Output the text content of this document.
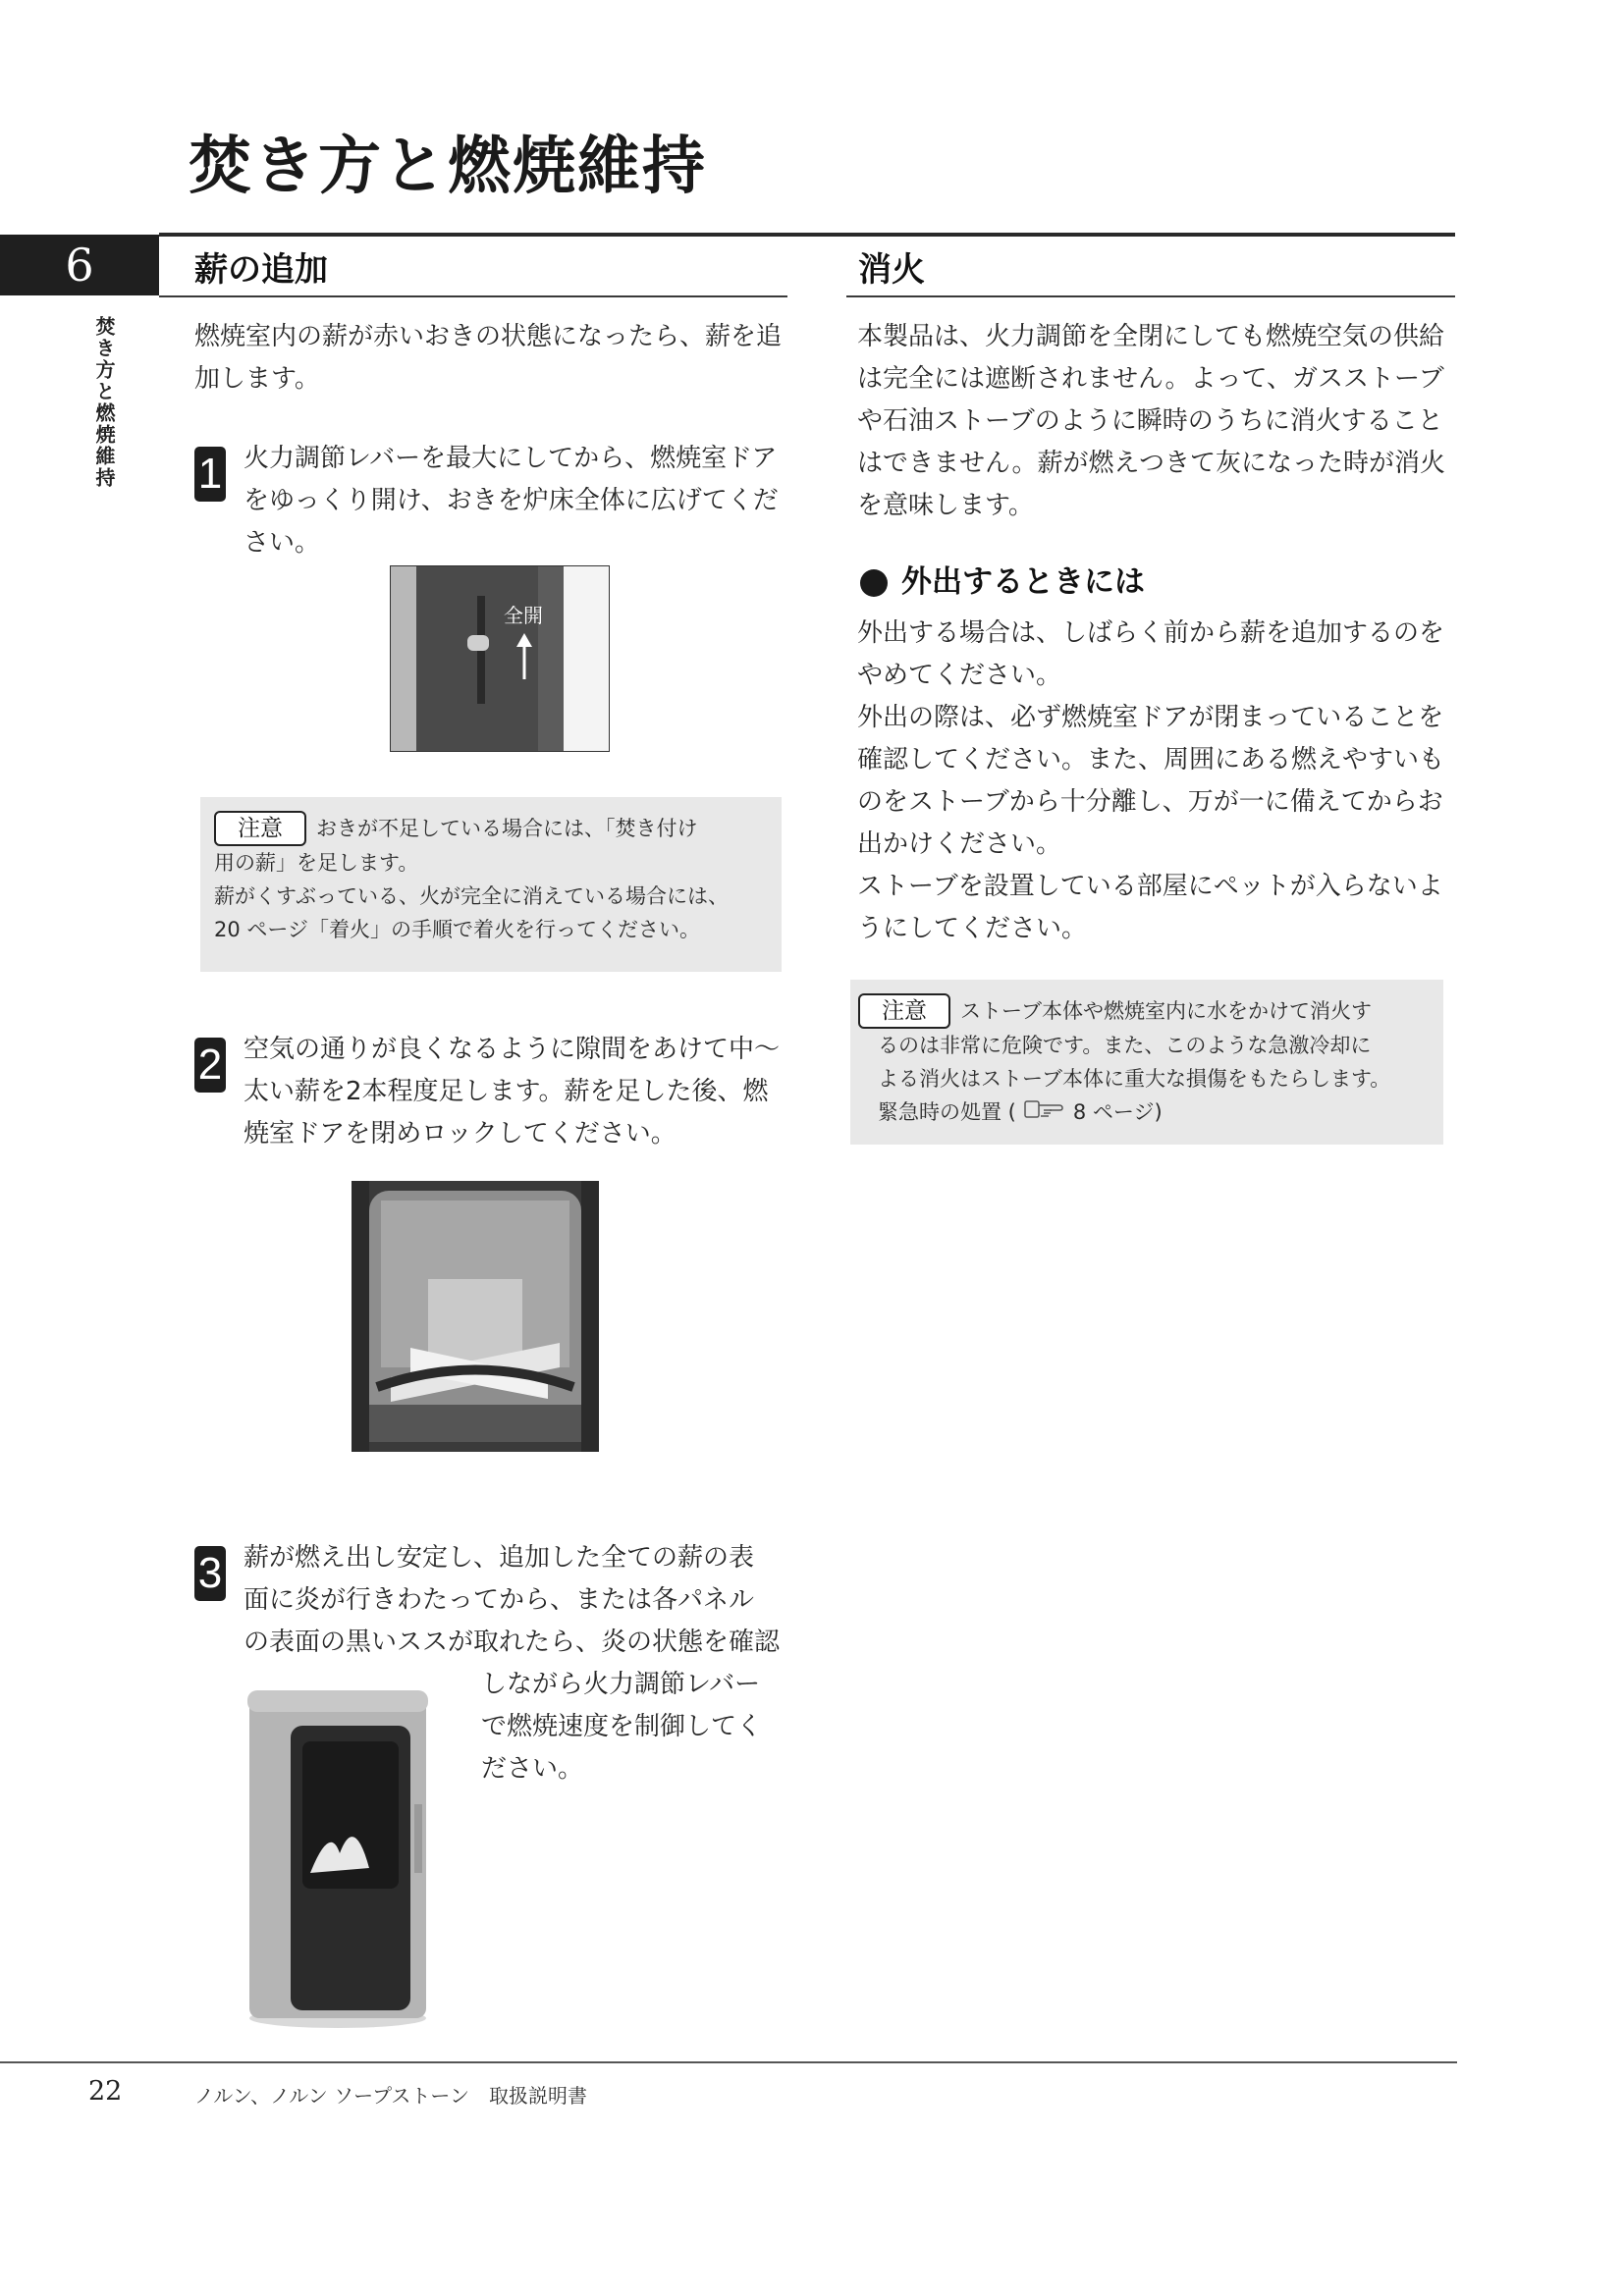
焚き方と燃焼維持
6
焚き方と燃焼維持
薪の追加
燃焼室内の薪が赤いおきの状態になったら、薪を追
加します。
1 火力調節レバーを最大にしてから、燃焼室ドア
をゆっくり開け、おきを炉床全体に広げてくだ
さい。
全開
注意 おきが不足している場合には、「焚き付け
用の薪」を足します。
薪がくすぶっている、火が完全に消えている場合には、
20 ページ「着火」の手順で着火を行ってください。
2 空気の通りが良くなるように隙間をあけて中〜
太い薪を2本程度足します。薪を足した後、燃
焼室ドアを閉めロックしてください。
3 薪が燃え出し安定し、追加した全ての薪の表
面に炎が行きわたってから、または各パネル
の表面の黒いススが取れたら、炎の状態を確認
しながら火力調節レバー
で燃焼速度を制御してく
ださい。
消火
本製品は、火力調節を全閉にしても燃焼空気の供給
は完全には遮断されません。よって、ガスストーブ
や石油ストーブのように瞬時のうちに消火すること
はできません。薪が燃えつきて灰になった時が消火
を意味します。
外出するときには
外出する場合は、しばらく前から薪を追加するのを
やめてください。
外出の際は、必ず燃焼室ドアが閉まっていることを
確認してください。また、周囲にある燃えやすいも
のをストーブから十分離し、万が一に備えてからお
出かけください。
ストーブを設置している部屋にペットが入らないよ
うにしてください。
注意 ストーブ本体や燃焼室内に水をかけて消火す
るのは非常に危険です。また、このような急激冷却に
よる消火はストーブ本体に重大な損傷をもたらします。
緊急時の処置 (	8 ページ)
22	ノルン、ノルン ソープストーン　取扱説明書
